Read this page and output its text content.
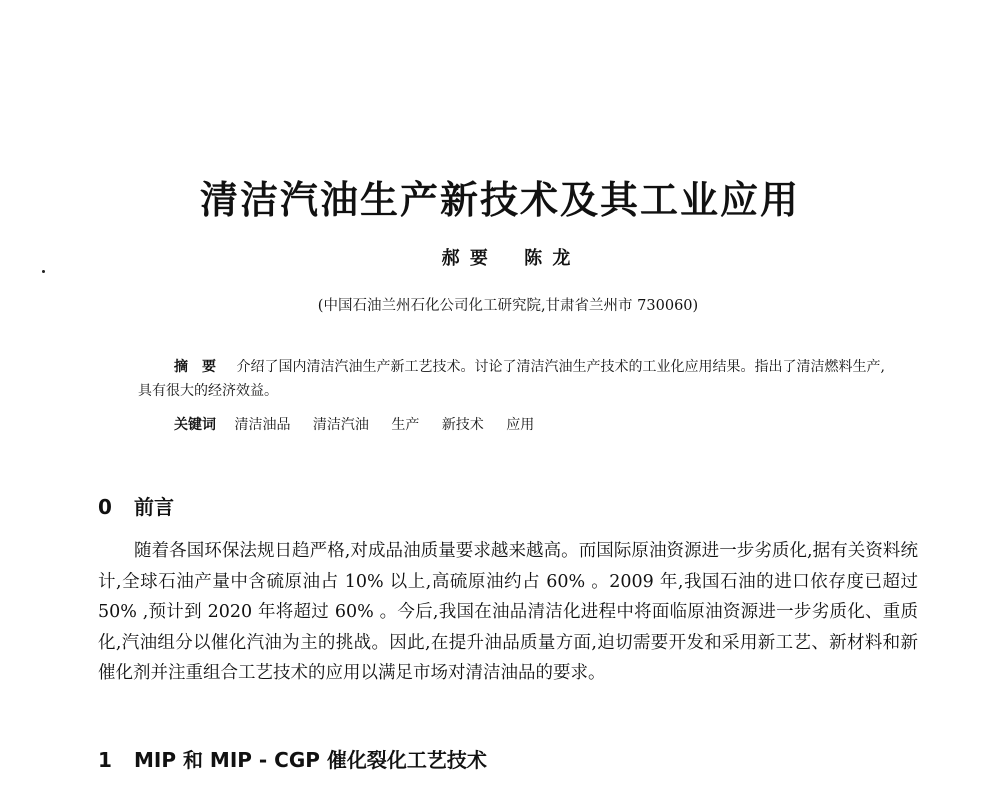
清洁汽油生产新技术及其工业应用
郝 要 陈 龙
(中国石油兰州石化公司化工研究院,甘肃省兰州市 730060)
摘要 介绍了国内清洁汽油生产新工艺技术。讨论了清洁汽油生产技术的工业化应用结果。指出了清洁燃料生产,具有很大的经济效益。
关键词 清洁油品 清洁汽油 生产 新技术 应用
0 前言

随着各国环保法规日趋严格,对成品油质量要求越来越高。而国际原油资源进一步劣质化,据有关资料统计,全球石油产量中含硫原油占 10% 以上,高硫原油约占 60% 。2009 年,我国石油的进口依存度已超过 50% ,预计到 2020 年将超过 60% 。今后,我国在油品清洁化进程中将面临原油资源进一步劣质化、重质化,汽油组分以催化汽油为主的挑战。因此,在提升油品质量方面,迫切需要开发和采用新工艺、新材料和新催化剂并注重组合工艺技术的应用以满足市场对清洁油品的要求。

1 MIP 和 MIP - CGP 催化裂化工艺技术
